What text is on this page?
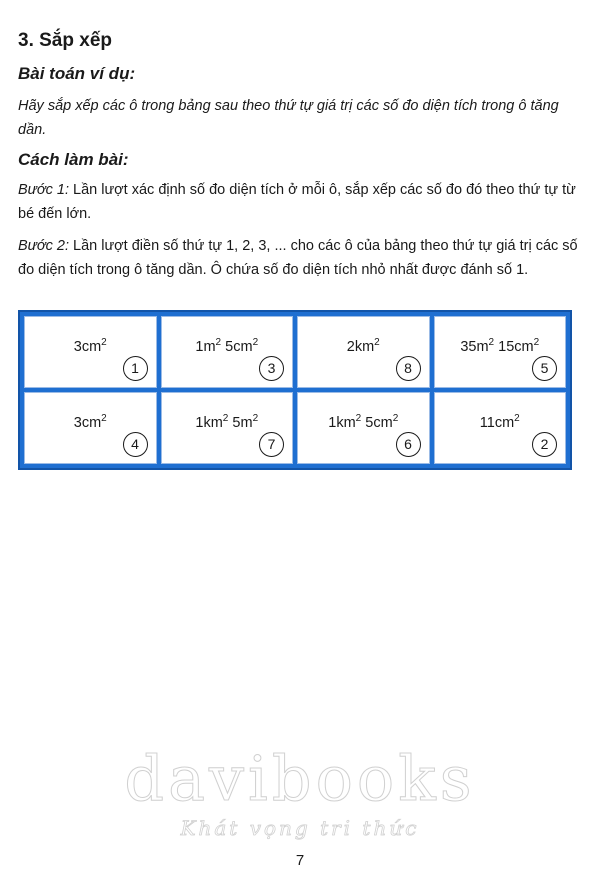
3. Sắp xếp
Bài toán ví dụ:

Hãy sắp xếp các ô trong bảng sau theo thứ tự giá trị các số đo diện tích trong ô tăng dần.

Cách làm bài:

Bước 1: Lần lượt xác định số đo diện tích ở mỗi ô, sắp xếp các số đo đó theo thứ tự từ bé đến lớn.

Bước 2: Lần lượt điền số thứ tự 1, 2, 3, ... cho các ô của bảng theo thứ tự giá trị các số đo diện tích trong ô tăng dần. Ô chứa số đo diện tích nhỏ nhất được đánh số 1.

$3cm^2$
1
$1m^2$ $5cm^2$
3
$2km^2$
8
$35m^2$ $15cm^2$
5
$3cm^2$
4
$1km^2$ $5m^2$
7
$1km^2$ $5cm^2$
6
$11cm^2$
2
davibooks
Khát vọng tri thức
7
